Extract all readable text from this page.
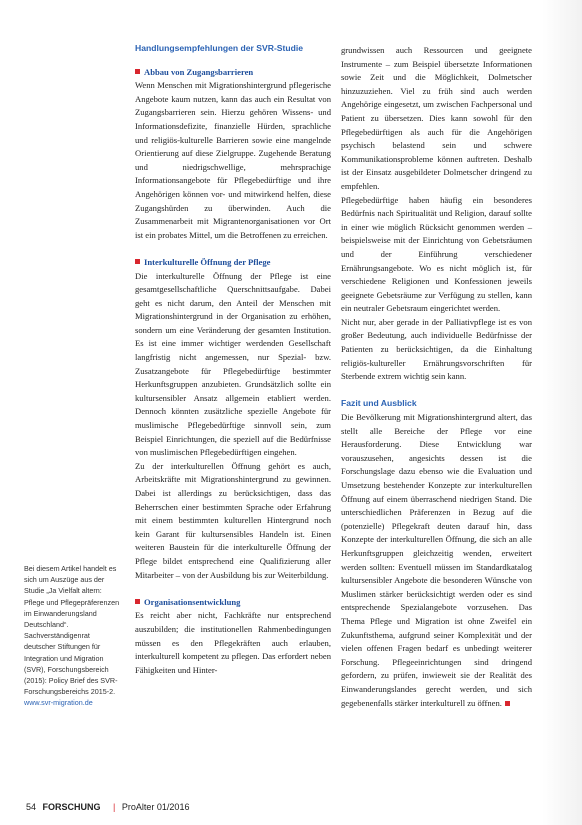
Handlungsempfehlungen der SVR-Studie

Abbau von Zugangsbarrieren

Wenn Menschen mit Migrationshintergrund pflegerische Angebote kaum nutzen, kann das auch ein Resultat von Zugangsbarrieren sein. Hierzu gehören Wissens- und Informationsdefizite, finanzielle Hürden, sprachliche und religiös-kulturelle Barrieren sowie eine mangelnde Orientierung auf diese Zielgruppe. Zugehende Beratung und niedrigschwellige, mehrsprachige Informationsangebote für Pflegebedürftige und ihre Angehörigen können vor- und mitwirkend helfen, diese Zugangshürden zu überwinden. Auch die Zusammenarbeit mit Migrantenorganisationen vor Ort ist ein probates Mittel, um die Betroffenen zu erreichen.

Interkulturelle Öffnung der Pflege

Die interkulturelle Öffnung der Pflege ist eine gesamtgesellschaftliche Querschnittsaufgabe. Dabei geht es nicht darum, den Anteil der Menschen mit Migrationshintergrund in der Organisation zu erhöhen, sondern um eine Veränderung der gesamten Institution. Es ist eine immer wichtiger werdenden Gesellschaft langfristig nicht angemessen, nur Spezial- bzw. Zusatzangebote für Pflegebedürftige bestimmter Herkunftsgruppen anzubieten. Grundsätzlich sollte ein kultursensibler Ansatz allgemein etabliert werden. Dennoch könnten zusätzliche spezielle Angebote für muslimische Pflegebedürftige sinnvoll sein, zum Beispiel Einrichtungen, die speziell auf die Bedürfnisse von muslimischen Pflegebedürftigen eingehen.

Zu der interkulturellen Öffnung gehört es auch, Arbeitskräfte mit Migrationshintergrund zu gewinnen. Dabei ist allerdings zu berücksichtigen, dass das Beherrschen einer bestimmten Sprache oder Erfahrung mit einem bestimmten kulturellen Hintergrund noch kein Garant für kultursensibles Handeln ist. Einen weiteren Baustein für die interkulturelle Öffnung der Pflege bildet entsprechend eine Qualifizierung aller Mitarbeiter – von der Ausbildung bis zur Weiterbildung.

Organisationsentwicklung

Es reicht aber nicht, Fachkräfte nur entsprechend auszubilden; die institutionellen Rahmenbedingungen müssen es den Pflegekräften auch erlauben, interkulturell kompetent zu pflegen. Das erfordert neben Fähigkeiten und Hinter-

grundwissen auch Ressourcen und geeignete Instrumente – zum Beispiel übersetzte Informationen sowie Zeit und die Möglichkeit, Dolmetscher hinzuzuziehen. Viel zu früh sind auch werden Angehörige eingesetzt, um zwischen Fachpersonal und Patient zu übersetzen. Dies kann sowohl für den Pflegebedürftigen als auch für die Angehörigen psychisch belastend sein und schwere Kommunikationsprobleme können auftreten. Deshalb ist der Einsatz ausgebildeter Dolmetscher dringend zu empfehlen.

Pflegebedürftige haben häufig ein besonderes Bedürfnis nach Spiritualität und Religion, darauf sollte in einer wie möglich Rücksicht genommen werden – beispielsweise mit der Einrichtung von Gebetsräumen und der Einführung verschiedener Ernährungsangebote. Wo es nicht möglich ist, für verschiedene Religionen und Konfessionen jeweils geeignete Gebetsräume zur Verfügung zu stellen, kann ein neutraler Gebetsraum eingerichtet werden.

Nicht nur, aber gerade in der Palliativpflege ist es von großer Bedeutung, auch individuelle Bedürfnisse der Patienten zu berücksichtigen, da die Einhaltung religiös-kultureller Ernährungsvorschriften für Sterbende extrem wichtig sein kann.

Fazit und Ausblick

Die Bevölkerung mit Migrationshintergrund altert, das stellt alle Bereiche der Pflege vor eine Herausforderung. Diese Entwicklung war vorauszusehen, angesichts dessen ist die Forschungslage dazu ebenso wie die Evaluation und Umsetzung bestehender Konzepte zur interkulturellen Öffnung auf einem überraschend niedrigen Stand. Die unterschiedlichen Präferenzen in Bezug auf die (potenzielle) Pflegekraft deuten darauf hin, dass Konzepte der interkulturellen Öffnung, die sich an alle Herkunftsgruppen gleichzeitig wenden, erweitert werden sollten: Eventuell müssen im Standardkatalog kultursensibler Angebote die besonderen Wünsche von Muslimen stärker berücksichtigt werden oder es sind entsprechende Spezialangebote vorzusehen. Das Thema Pflege und Migration ist ohne Zweifel ein Zukunftsthema, aufgrund seiner Komplexität und der vielen offenen Fragen bedarf es unbedingt weiterer Forschung. Pflegeeinrichtungen sind dringend gefordern, zu prüfen, inwieweit sie der Realität des Einwanderungslandes gerecht werden, und sich gegebenenfalls stärker interkulturell zu öffnen.

Bei diesem Artikel handelt es sich um Auszüge aus der Studie „Ja Vielfalt altern: Pflege und Pflegepräferenzen im Einwanderungsland Deutschland“. Sachverständigenrat deutscher Stiftungen für Integration und Migration (SVR), Forschungsbereich (2015): Policy Brief des SVR-Forschungsbereichs 2015-2. www.svr-migration.de
54 FORSCHUNG | ProAlter 01/2016
